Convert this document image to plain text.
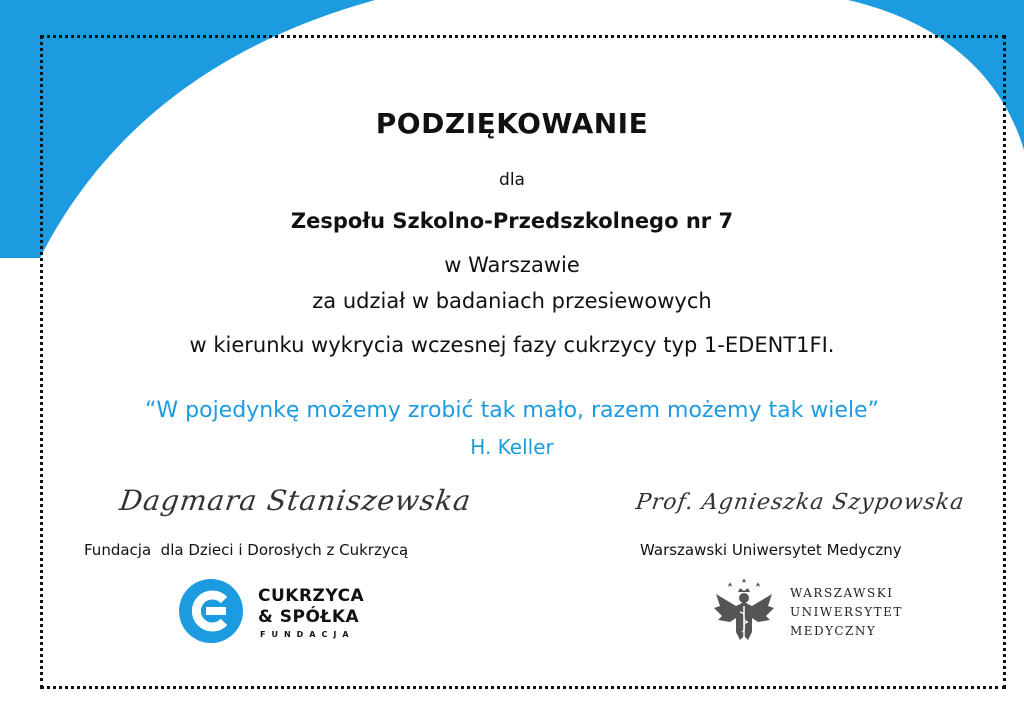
PODZIĘKOWANIE
dla
Zespołu Szkolno-Przedszkolnego nr 7
w Warszawie
za udział w badaniach przesiewowych
w kierunku wykrycia wczesnej fazy cukrzycy typ 1-EDENT1FI.
“W pojedynkę możemy zrobić tak mało, razem możemy tak wiele”
H. Keller
Dagmara Staniszewska	Prof. Agnieszka Szypowska
Fundacja  dla Dzieci i Dorosłych z Cukrzycą	Warszawski Uniwersytet Medyczny
CUKRZYCA
& SPÓŁKA
FUNDACJA
WARSZAWSKI
UNIWERSYTET
MEDYCZNY
